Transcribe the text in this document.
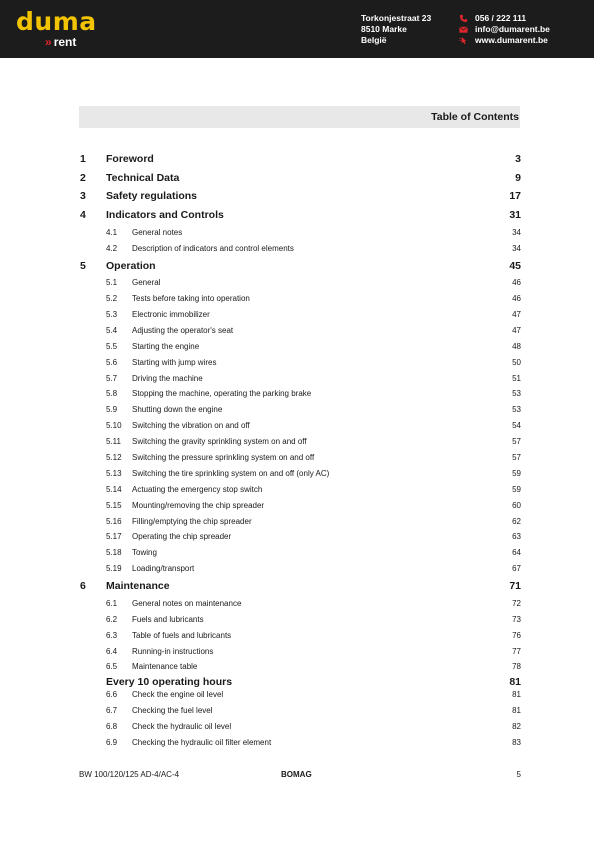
duma
» rent
Torkonjestraat 23
8510 Marke
België
056 / 222 111
info@dumarent.be
www.dumarent.be
Table of Contents
1 Foreword	3
2 Technical Data	9
3 Safety regulations	17
4 Indicators and Controls	31
4.1 General notes	34
4.2 Description of indicators and control elements	34
5 Operation	45
5.1 General	46
5.2 Tests before taking into operation	46
5.3 Electronic immobilizer	47
5.4 Adjusting the operator's seat	47
5.5 Starting the engine	48
5.6 Starting with jump wires	50
5.7 Driving the machine	51
5.8 Stopping the machine, operating the parking brake	53
5.9 Shutting down the engine	53
5.10 Switching the vibration on and off	54
5.11 Switching the gravity sprinkling system on and off	57
5.12 Switching the pressure sprinkling system on and off	57
5.13 Switching the tire sprinkling system on and off (only AC)	59
5.14 Actuating the emergency stop switch	59
5.15 Mounting/removing the chip spreader	60
5.16 Filling/emptying the chip spreader	62
5.17 Operating the chip spreader	63
5.18 Towing	64
5.19 Loading/transport	67
6 Maintenance	71
6.1 General notes on maintenance	72
6.2 Fuels and lubricants	73
6.3 Table of fuels and lubricants	76
6.4 Running-in instructions	77
6.5 Maintenance table	78
Every 10 operating hours	81
6.6 Check the engine oil level	81
6.7 Checking the fuel level	81
6.8 Check the hydraulic oil level	82
6.9 Checking the hydraulic oil filter element	83
BW 100/120/125 AD-4/AC-4	BOMAG	5
